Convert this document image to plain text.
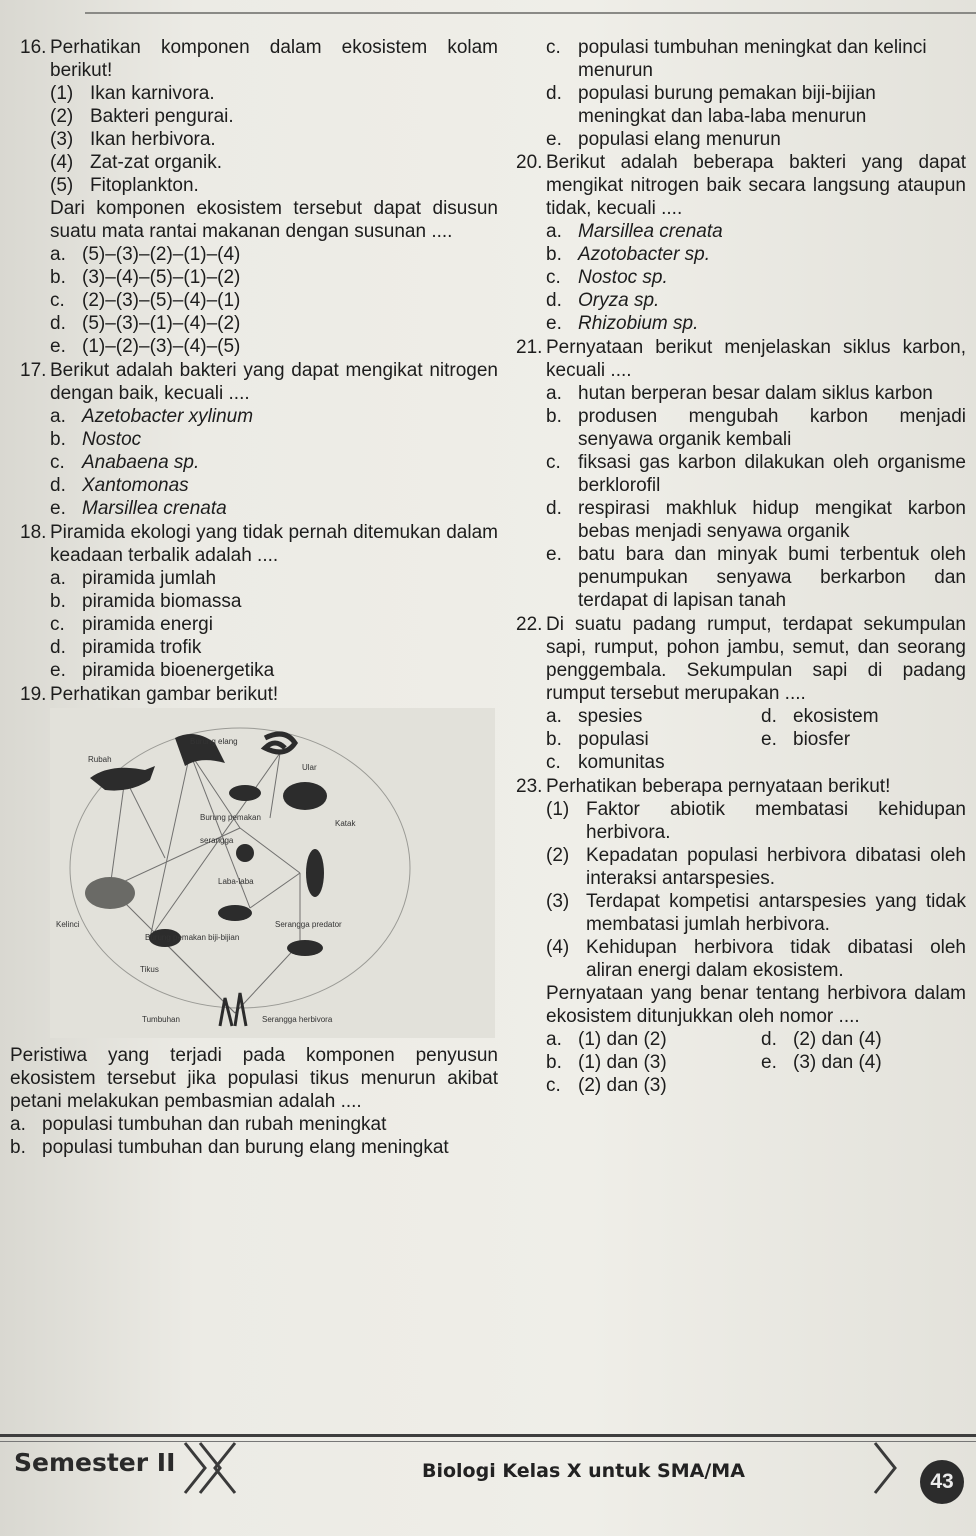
16. Perhatikan komponen dalam ekosistem kolam berikut!
(1) Ikan karnivora.
(2) Bakteri pengurai.
(3) Ikan herbivora.
(4) Zat-zat organik.
(5) Fitoplankton.
Dari komponen ekosistem tersebut dapat disusun suatu mata rantai makanan dengan susunan ....
a. (5)–(3)–(2)–(1)–(4)
b. (3)–(4)–(5)–(1)–(2)
c. (2)–(3)–(5)–(4)–(1)
d. (5)–(3)–(1)–(4)–(2)
e. (1)–(2)–(3)–(4)–(5)
17. Berikut adalah bakteri yang dapat mengikat nitrogen dengan baik, kecuali ....
a. Azetobacter xylinum
b. Nostoc
c. Anabaena sp.
d. Xantomonas
e. Marsillea crenata
18. Piramida ekologi yang tidak pernah ditemukan dalam keadaan terbalik adalah ....
a. piramida jumlah
b. piramida biomassa
c. piramida energi
d. piramida trofik
e. piramida bioenergetika
19. Perhatikan gambar berikut!
Rubah
Burung elang
Ular
Burung pemakan serangga
Katak
Laba-laba
Tikus
Kelinci
Burung pemakan biji-bijian
Serangga predator
Tumbuhan	Serangga herbivora
Peristiwa yang terjadi pada komponen penyusun ekosistem tersebut jika populasi tikus menurun akibat petani melakukan pembasmian adalah ....
a. populasi tumbuhan dan rubah meningkat
b. populasi tumbuhan dan burung elang meningkat
c. populasi tumbuhan meningkat dan kelinci menurun
d. populasi burung pemakan biji-bijian meningkat dan laba-laba menurun
e. populasi elang menurun
20. Berikut adalah beberapa bakteri yang dapat mengikat nitrogen baik secara langsung ataupun tidak, kecuali ....
a. Marsillea crenata
b. Azotobacter sp.
c. Nostoc sp.
d. Oryza sp.
e. Rhizobium sp.
21. Pernyataan berikut menjelaskan siklus karbon, kecuali ....
a. hutan berperan besar dalam siklus karbon
b. produsen mengubah karbon menjadi senyawa organik kembali
c. fiksasi gas karbon dilakukan oleh organisme berklorofil
d. respirasi makhluk hidup mengikat karbon bebas menjadi senyawa organik
e. batu bara dan minyak bumi terbentuk oleh penumpukan senyawa berkarbon dan terdapat di lapisan tanah
22. Di suatu padang rumput, terdapat sekumpulan sapi, rumput, pohon jambu, semut, dan seorang penggembala. Sekumpulan sapi di padang rumput tersebut merupakan ....
a. spesies	d. ekosistem
b. populasi	e. biosfer
c. komunitas
23. Perhatikan beberapa pernyataan berikut!
(1) Faktor abiotik membatasi kehidupan herbivora.
(2) Kepadatan populasi herbivora dibatasi oleh interaksi antarspesies.
(3) Terdapat kompetisi antarspesies yang tidak membatasi jumlah herbivora.
(4) Kehidupan herbivora tidak dibatasi oleh aliran energi dalam ekosistem.
Pernyataan yang benar tentang herbivora dalam ekosistem ditunjukkan oleh nomor ....
a. (1) dan (2)	d. (2) dan (4)
b. (1) dan (3)	e. (3) dan (4)
c. (2) dan (3)
Semester II	Biologi Kelas X untuk SMA/MA	43
